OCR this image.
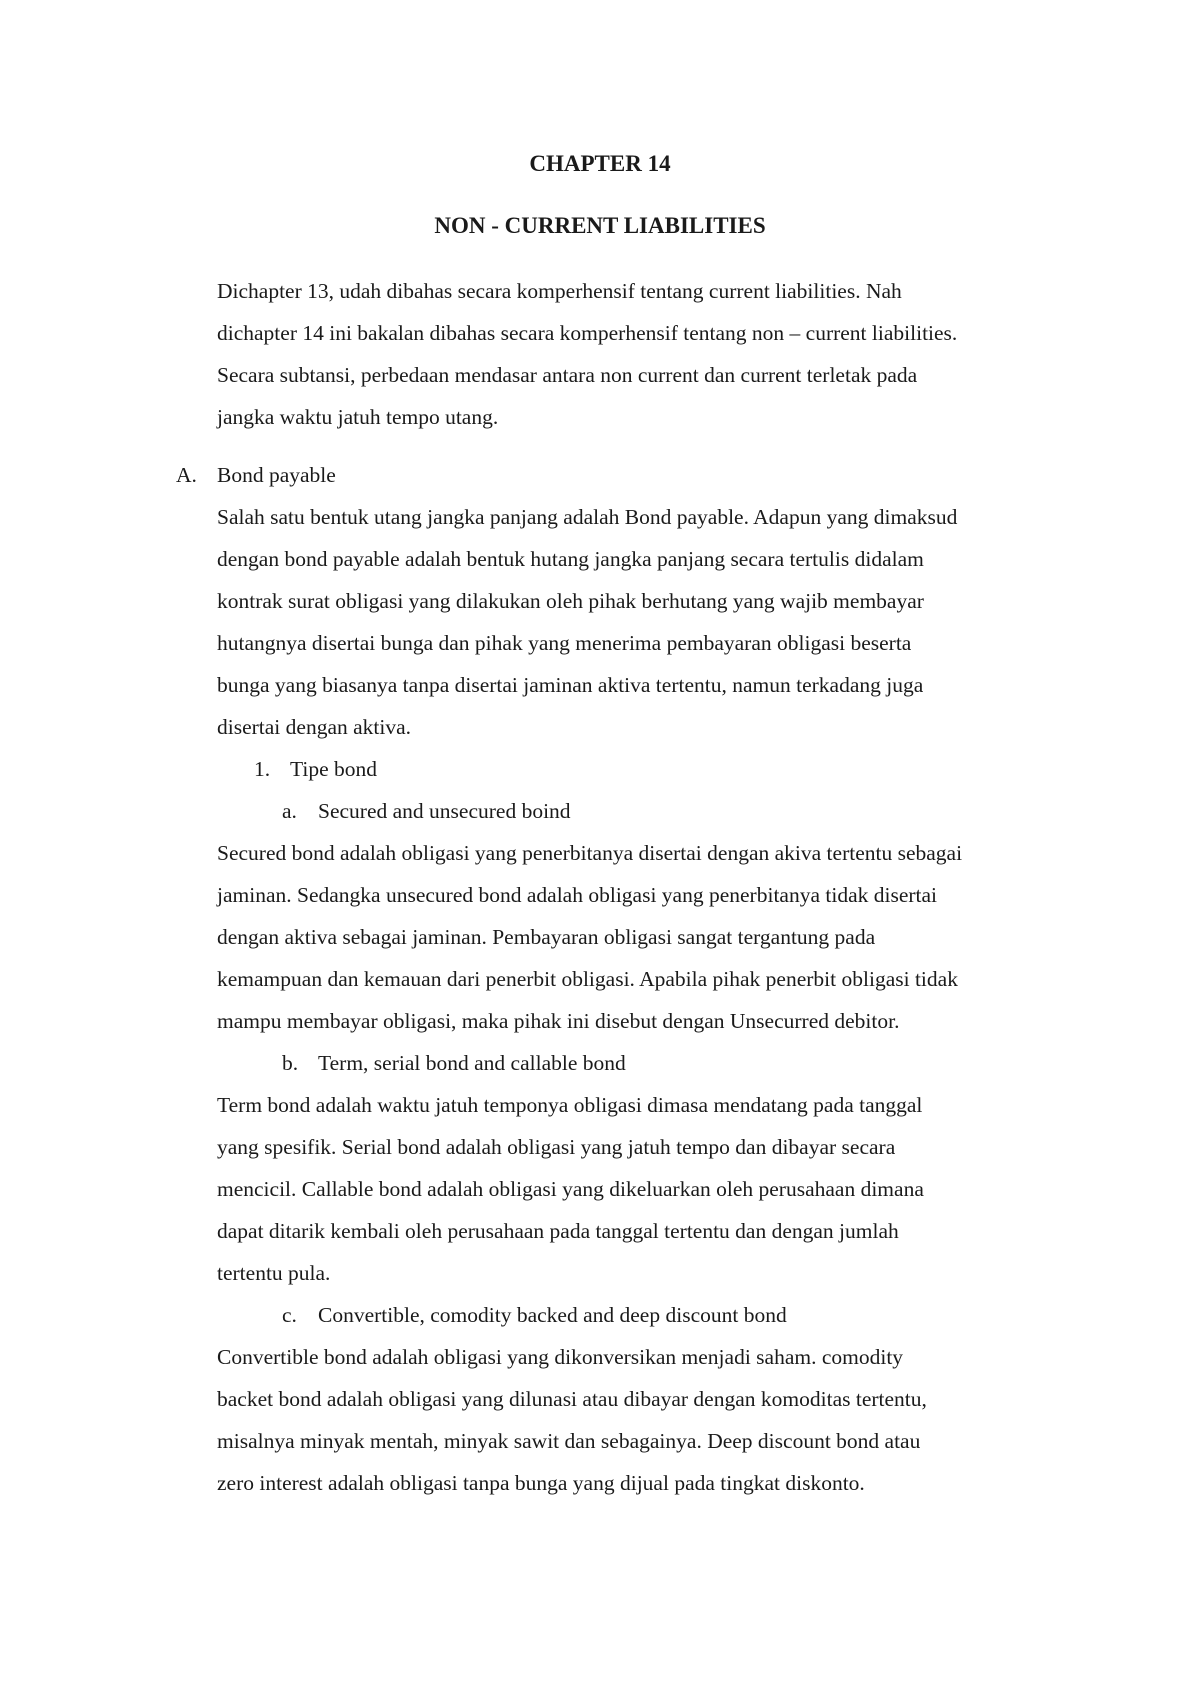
CHAPTER 14
NON - CURRENT LIABILITIES
Dichapter 13, udah dibahas secara komperhensif tentang current liabilities. Nah
dichapter 14 ini bakalan dibahas secara komperhensif tentang non – current liabilities.
Secara subtansi, perbedaan mendasar antara non current dan current terletak pada
jangka waktu jatuh tempo utang.
A. Bond payable
Salah satu bentuk utang jangka panjang adalah Bond payable. Adapun yang dimaksud
dengan bond payable adalah bentuk hutang jangka panjang secara tertulis didalam
kontrak surat obligasi yang dilakukan oleh pihak berhutang yang wajib membayar
hutangnya disertai bunga dan pihak yang menerima pembayaran obligasi beserta
bunga yang biasanya tanpa disertai jaminan aktiva tertentu, namun terkadang juga
disertai dengan aktiva.
1. Tipe bond
a. Secured and unsecured boind
Secured bond adalah obligasi yang penerbitanya disertai dengan akiva tertentu sebagai
jaminan. Sedangka unsecured bond adalah obligasi yang penerbitanya tidak disertai
dengan aktiva sebagai jaminan. Pembayaran obligasi sangat tergantung pada
kemampuan dan kemauan dari penerbit obligasi. Apabila pihak penerbit obligasi tidak
mampu membayar obligasi, maka pihak ini disebut dengan Unsecurred debitor.
b. Term, serial bond and callable bond
Term bond adalah waktu jatuh temponya obligasi dimasa mendatang pada tanggal
yang spesifik. Serial bond adalah obligasi yang jatuh tempo dan dibayar secara
mencicil. Callable bond adalah obligasi yang dikeluarkan oleh perusahaan dimana
dapat ditarik kembali oleh perusahaan pada tanggal tertentu dan dengan jumlah
tertentu pula.
c. Convertible, comodity backed and deep discount bond
Convertible bond adalah obligasi yang dikonversikan menjadi saham. comodity
backet bond adalah obligasi yang dilunasi atau dibayar dengan komoditas tertentu,
misalnya minyak mentah, minyak sawit dan sebagainya. Deep discount bond atau
zero interest adalah obligasi tanpa bunga yang dijual pada tingkat diskonto.
